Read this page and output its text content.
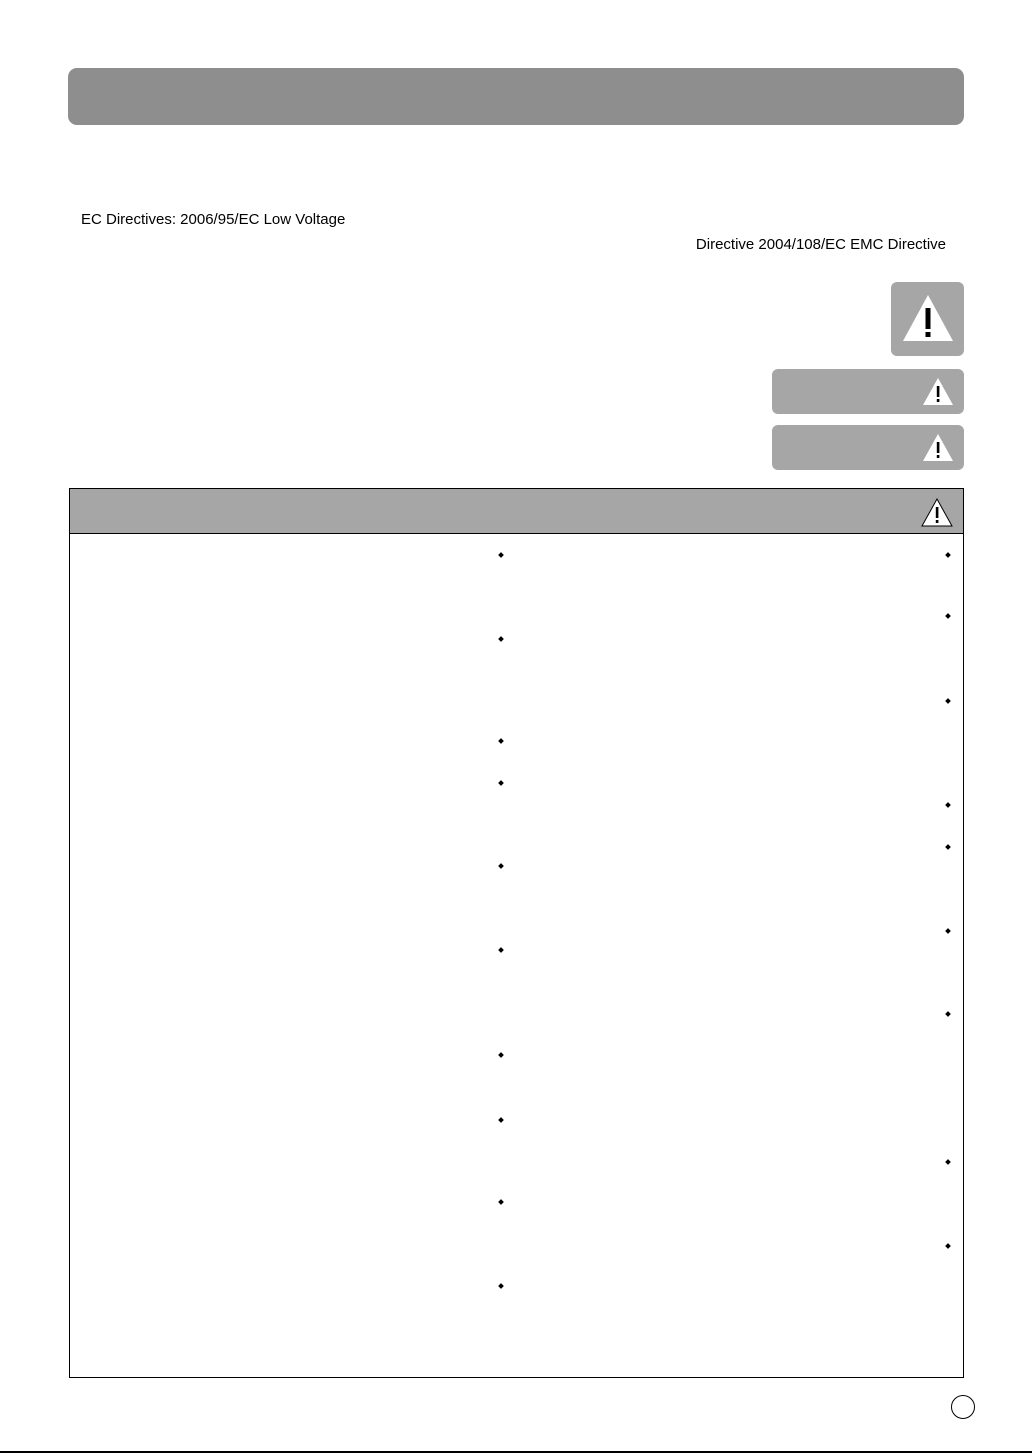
EC Directives: 2006/95/EC Low Voltage
Directive 2004/108/EC EMC Directive
